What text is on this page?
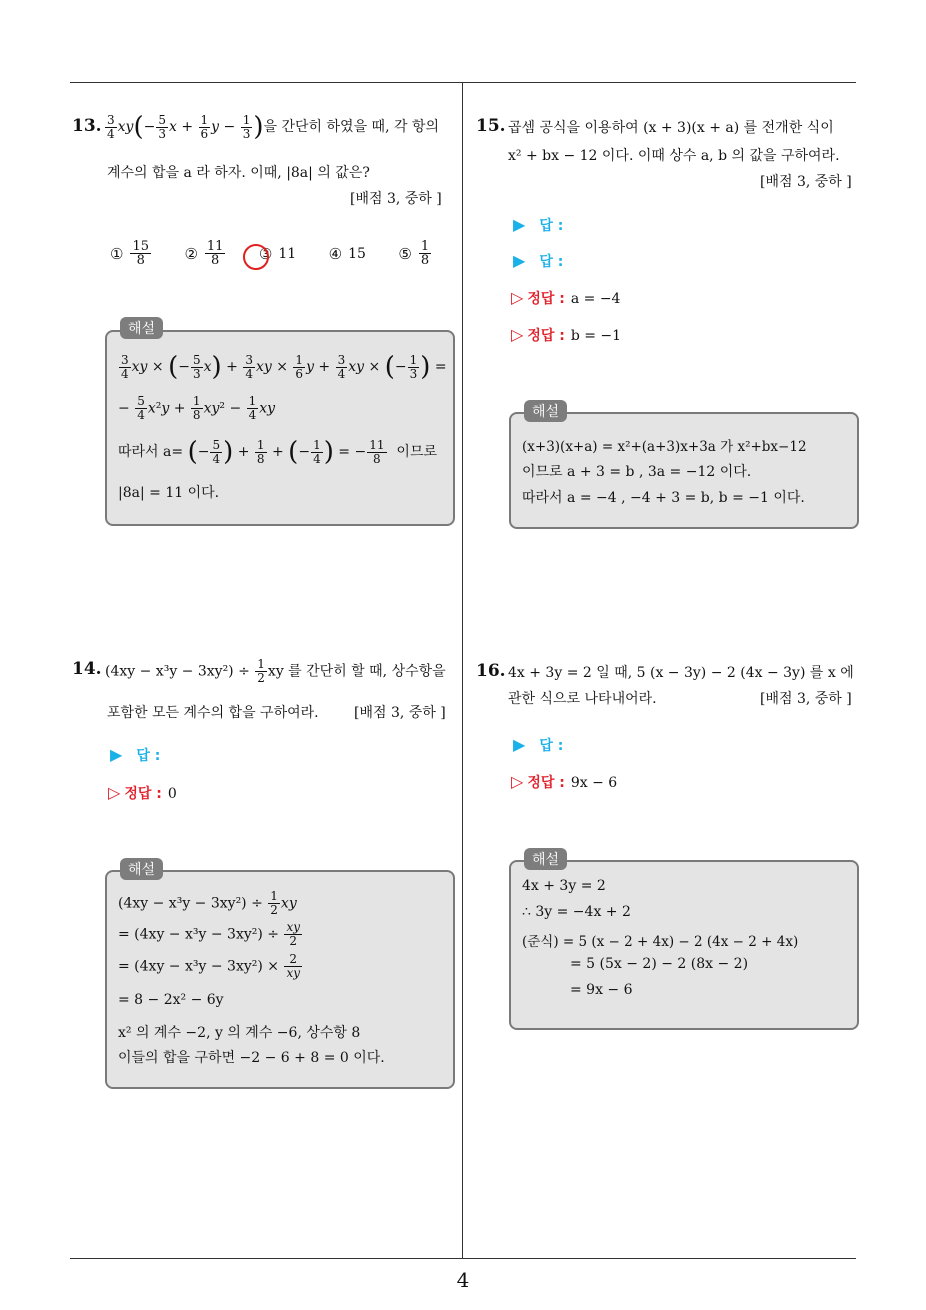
4
13. $\frac{3}{4} xy(- \frac{5}{3}$ $x + \frac{1}{6}$ $y - \frac{1}{3}$ )을 간단히 하였을 때, 각 항의
계수의 합을 a 라 하자. 이때, |8a| 의 값은?
[배점 3, 중하 ]
① $\frac{15}{8}$ ② $\frac{11}{8}$ ③ 11 ④ 15 ⑤ $\frac{1}{8}$
해설
$\frac{3}{4}$ xy × (− $\frac{5}{3} x) + \frac{3}{4}$ xy × $\frac{1}{6}$ $y + \frac{3}{4}$ xy × (− $\frac{1}{3}$ ) =
− $\frac{5}{4} x^2y + \frac{1}{8} xy^2 - \frac{1}{4}$ xy
따라서 a= (− $\frac{5}{4}$ ) + $\frac{1}{8}$ + (− $\frac{1}{4}$ ) = − $\frac{11}{8}$ 이므로
|8a| = 11 이다.
15. 곱셈 공식을 이용하여 (x + 3)(x + a) 를 전개한 식이
x² + bx − 12 이다. 이때 상수 a, b 의 값을 구하여라.
[배점 3, 중하 ]
▶ 답 :
▶ 답 :
▷ 정답 : a = −4
▷ 정답 : b = −1
해설
(x+3)(x+a) = x²+(a+3)x+3a 가 x²+bx−12
이므로 a + 3 = b , 3a = −12 이다.
따라서 a = −4 , −4 + 3 = b, b = −1 이다.
14. $(4xy - x^3y - 3xy^2) \div \frac{1}{2}$ xy 를 간단히 할 때, 상수항을
포함한 모든 계수의 합을 구하여라.	[배점 3, 중하 ]
▶ 답 :
▷ 정답 : 0
해설
$(4xy - x^3y - 3xy^2) \div \frac{1}{2}$ xy
= $(4xy - x^3y - 3xy^2) \div \frac{xy}{2}$
= $(4xy - x^3y - 3xy^2) \times \frac{2}{xy}$
= 8 − 2x² − 6y
x² 의 계수 −2, y 의 계수 −6, 상수항 8
이들의 합을 구하면 −2 − 6 + 8 = 0 이다.
16. 4x + 3y = 2 일 때, 5 (x − 3y) − 2 (4x − 3y) 를 x 에
관한 식으로 나타내어라.	[배점 3, 중하 ]
▶ 답 :
▷ 정답 : 9x − 6
해설
4x + 3y = 2
∴ 3y = −4x + 2
(준식) = 5 (x − 2 + 4x) − 2 (4x − 2 + 4x)
= 5 (5x − 2) − 2 (8x − 2)
= 9x − 6
